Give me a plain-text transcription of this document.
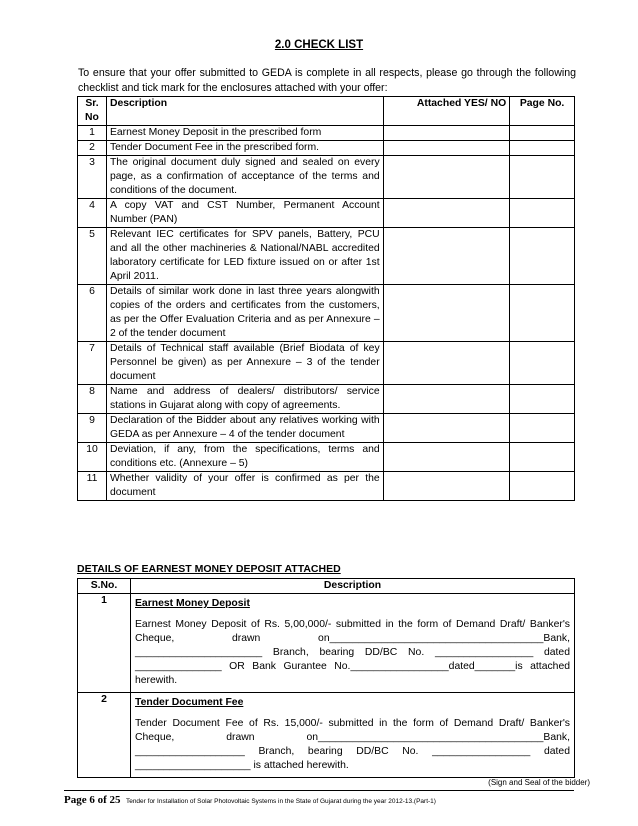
2.0 CHECK LIST
To ensure that your offer submitted to GEDA is complete in all respects, please go through the following checklist and tick mark for the enclosures attached with your offer:
Sr. No	Description	Attached YES/ NO	Page No.
1	Earnest Money Deposit in the prescribed form		
2	Tender Document Fee in the prescribed form.		
3	The original document duly signed and sealed on every page, as a confirmation of acceptance of the terms and conditions of the document.		
4	A copy VAT and CST Number, Permanent Account Number (PAN)		
5	Relevant IEC certificates for SPV panels, Battery, PCU and all the other machineries & National/NABL accredited laboratory certificate for LED fixture issued on or after 1st April 2011.		
6	Details of similar work done in last three years alongwith copies of the orders and certificates from the customers, as per the Offer Evaluation Criteria and as per Annexure – 2 of the tender document		
7	Details of Technical staff available (Brief Biodata of key Personnel be given) as per Annexure – 3 of the tender document		
8	Name and address of dealers/ distributors/ service stations in Gujarat along with copy of agreements.		
9	Declaration of the Bidder about any relatives working with GEDA as per Annexure – 4 of the tender document		
10	Deviation, if any, from the specifications, terms and conditions etc. (Annexure – 5)		
11	Whether validity of your offer is confirmed as per the document		
DETAILS OF EARNEST MONEY DEPOSIT ATTACHED
S.No.	Description
1	Earnest Money Deposit
	Earnest Money Deposit of Rs. 5,00,000/- submitted in the form of Demand Draft/ Banker's Cheque, drawn on_____________________________________Bank, ______________________ Branch, bearing DD/BC No. _________________ dated _______________ OR Bank Gurantee No._________________dated_______is attached herewith.
2	Tender Document Fee
	Tender Document Fee of Rs. 15,000/- submitted in the form of Demand Draft/ Banker's Cheque, drawn on_______________________________________Bank, ___________________ Branch, bearing DD/BC No. _________________ dated ____________________ is attached herewith.
(Sign and Seal of the bidder)
Page 6 of 25 Tender for Installation of Solar Photovoltaic Systems in the State of Gujarat during the year 2012-13.(Part-1)
